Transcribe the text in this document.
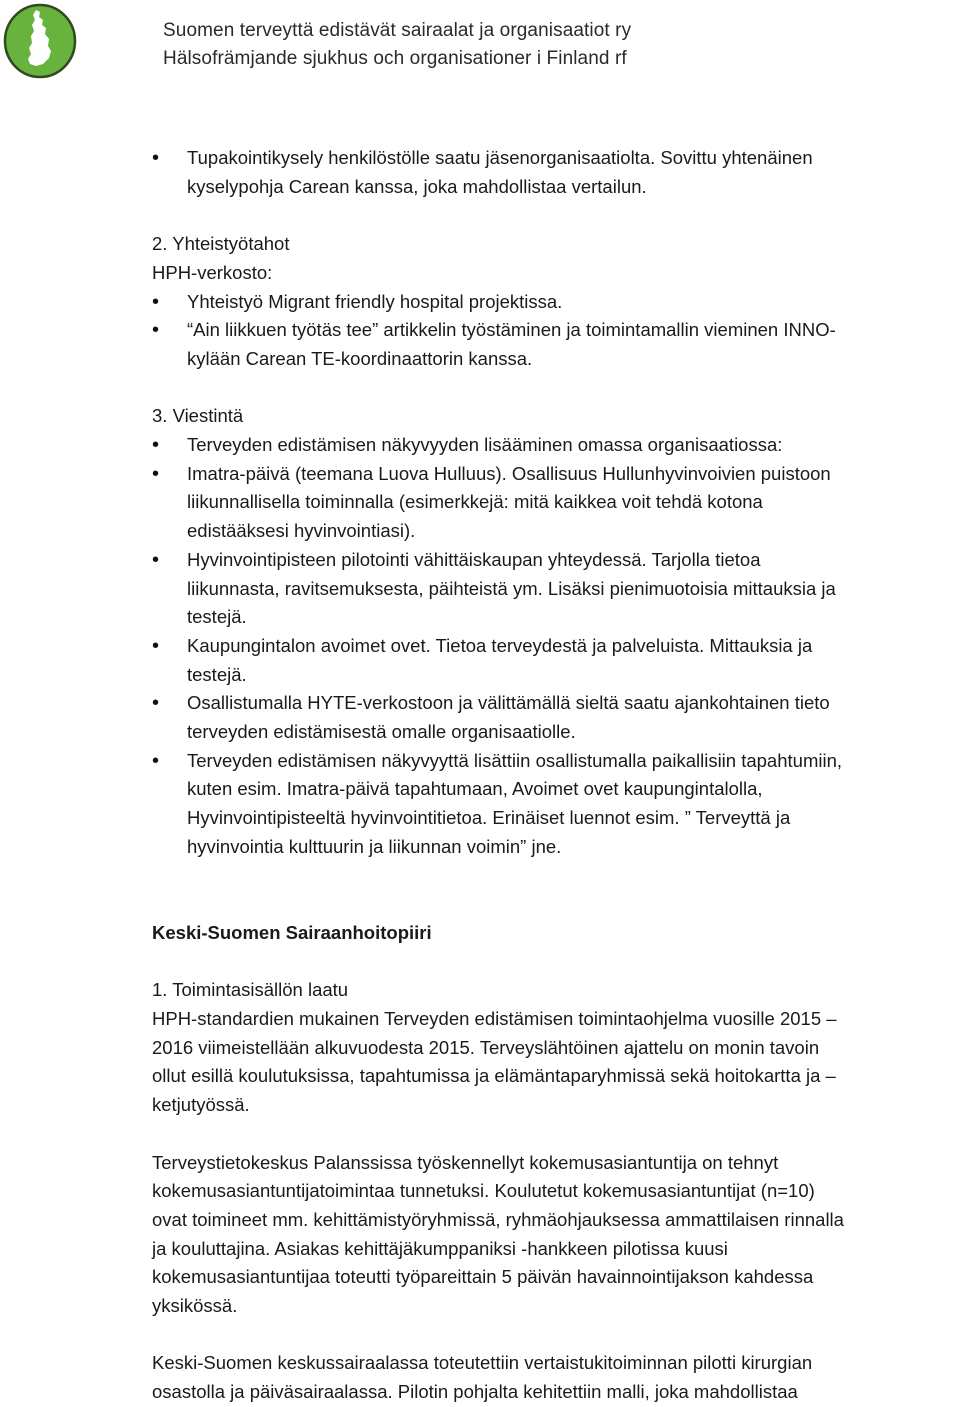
Suomen terveyttä edistävät sairaalat ja organisaatiot ry
Hälsofrämjande sjukhus och organisationer i Finland rf
• Tupakointikysely henkilöstölle saatu jäsenorganisaatiolta. Sovittu yhtenäinen
kyselypohja Carean kanssa, joka mahdollistaa vertailun.
2. Yhteistyötahot
HPH-verkosto:
• Yhteistyö Migrant friendly hospital projektissa.
• “Ain liikkuen työtäs tee” artikkelin työstäminen ja toimintamallin vieminen INNO-
kylään Carean TE-koordinaattorin kanssa.
3. Viestintä
• Terveyden edistämisen näkyvyyden lisääminen omassa organisaatiossa:
• Imatra-päivä (teemana Luova Hulluus). Osallisuus Hullunhyvinvoivien puistoon
liikunnallisella toiminnalla (esimerkkejä: mitä kaikkea voit tehdä kotona
edistääksesi hyvinvointiasi).
• Hyvinvointipisteen pilotointi vähittäiskaupan yhteydessä. Tarjolla tietoa
liikunnasta, ravitsemuksesta, päihteistä ym. Lisäksi pienimuotoisia mittauksia ja
testejä.
• Kaupungintalon avoimet ovet. Tietoa terveydestä ja palveluista. Mittauksia ja
testejä.
• Osallistumalla HYTE-verkostoon ja välittämällä sieltä saatu ajankohtainen tieto
terveyden edistämisestä omalle organisaatiolle.
• Terveyden edistämisen näkyvyyttä lisättiin osallistumalla paikallisiin tapahtumiin,
kuten esim. Imatra-päivä tapahtumaan, Avoimet ovet kaupungintalolla,
Hyvinvointipisteeltä hyvinvointitietoa. Erinäiset luennot esim. ” Terveyttä ja
hyvinvointia kulttuurin ja liikunnan voimin” jne.
Keski-Suomen Sairaanhoitopiiri
1. Toimintasisällön laatu
HPH-standardien mukainen Terveyden edistämisen toimintaohjelma vuosille 2015 –
2016 viimeistellään alkuvuodesta 2015. Terveyslähtöinen ajattelu on monin tavoin
ollut esillä koulutuksissa, tapahtumissa ja elämäntaparyhmissä sekä hoitokartta ja –
ketjutyössä.
Terveystietokeskus Palanssissa työskennellyt kokemusasiantuntija on tehnyt
kokemusasiantuntijatoimintaa tunnetuksi. Koulutetut kokemusasiantuntijat (n=10)
ovat toimineet mm. kehittämistyöryhmissä, ryhmäohjauksessa ammattilaisen rinnalla
ja kouluttajina. Asiakas kehittäjäkumppaniksi -hankkeen pilotissa kuusi
kokemusasiantuntijaa toteutti työpareittain 5 päivän havainnointijakson kahdessa
yksikössä.
Keski-Suomen keskussairaalassa toteutettiin vertaistukitoiminnan pilotti kirurgian
osastolla ja päiväsairaalassa. Pilotin pohjalta kehitettiin malli, joka mahdollistaa
